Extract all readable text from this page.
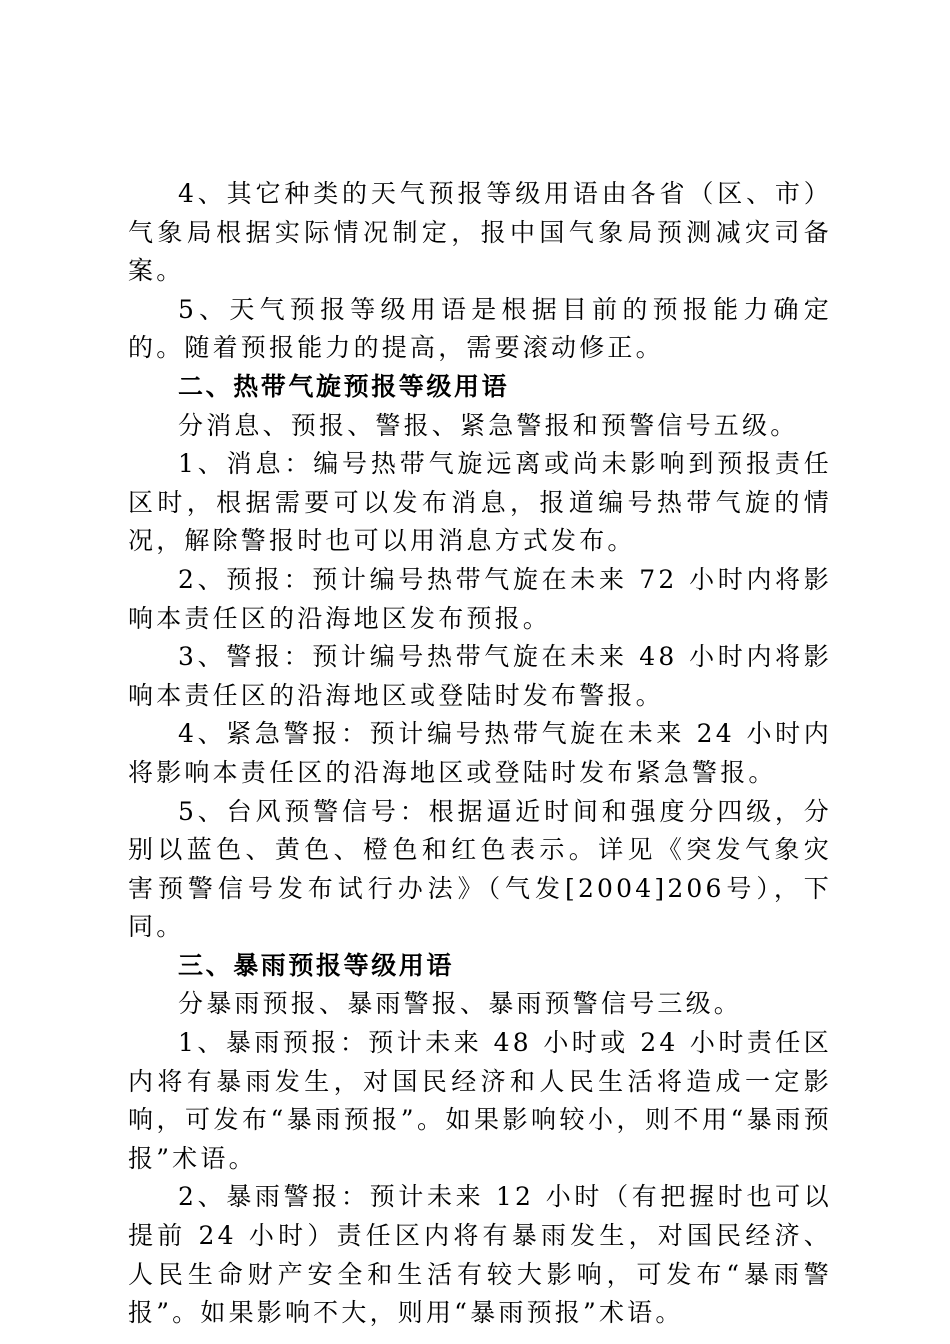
4、其它种类的天气预报等级用语由各省（区、市）气象局根据实际情况制定，报中国气象局预测减灾司备案。

5、天气预报等级用语是根据目前的预报能力确定的。随着预报能力的提高，需要滚动修正。

二、热带气旋预报等级用语

分消息、预报、警报、紧急警报和预警信号五级。

1、消息：编号热带气旋远离或尚未影响到预报责任区时，根据需要可以发布消息，报道编号热带气旋的情况，解除警报时也可以用消息方式发布。

2、预报：预计编号热带气旋在未来 72 小时内将影响本责任区的沿海地区发布预报。

3、警报：预计编号热带气旋在未来 48 小时内将影响本责任区的沿海地区或登陆时发布警报。

4、紧急警报：预计编号热带气旋在未来 24 小时内将影响本责任区的沿海地区或登陆时发布紧急警报。

5、台风预警信号：根据逼近时间和强度分四级，分别以蓝色、黄色、橙色和红色表示。详见《突发气象灾害预警信号发布试行办法》（气发[2004]206号），下同。

三、暴雨预报等级用语

分暴雨预报、暴雨警报、暴雨预警信号三级。

1、暴雨预报：预计未来 48 小时或 24 小时责任区内将有暴雨发生，对国民经济和人民生活将造成一定影响，可发布“暴雨预报”。如果影响较小，则不用“暴雨预报”术语。

2、暴雨警报：预计未来 12 小时（有把握时也可以提前 24 小时）责任区内将有暴雨发生，对国民经济、人民生命财产安全和生活有较大影响，可发布“暴雨警报”。如果影响不大，则用“暴雨预报”术语。
